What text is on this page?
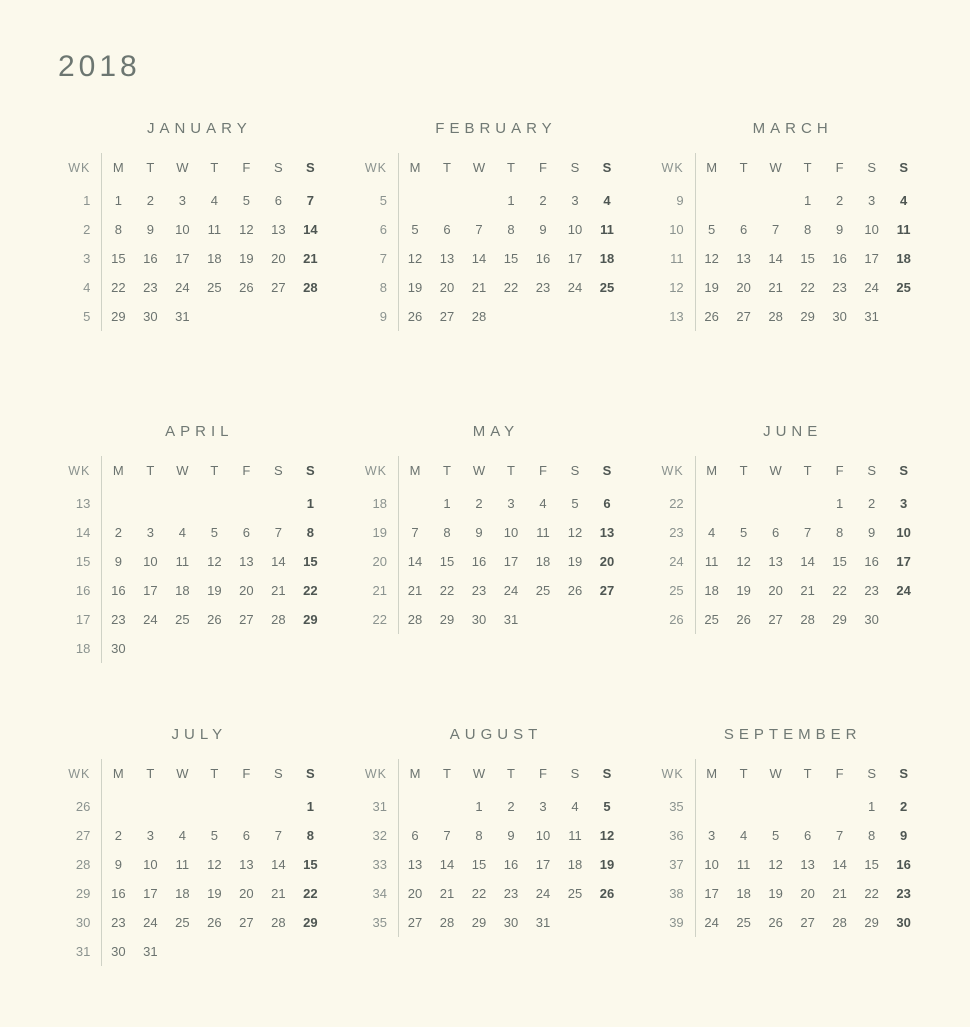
2018
JANUARY
WK	M	T	W	T	F	S	S
1	1	2	3	4	5	6	7
2	8	9	10	11	12	13	14
3	15	16	17	18	19	20	21
4	22	23	24	25	26	27	28
5	29	30	31				
FEBRUARY
WK	M	T	W	T	F	S	S
5				1	2	3	4
6	5	6	7	8	9	10	11
7	12	13	14	15	16	17	18
8	19	20	21	22	23	24	25
9	26	27	28				
MARCH
WK	M	T	W	T	F	S	S
9				1	2	3	4
10	5	6	7	8	9	10	11
11	12	13	14	15	16	17	18
12	19	20	21	22	23	24	25
13	26	27	28	29	30	31	
APRIL
WK	M	T	W	T	F	S	S
13							1
14	2	3	4	5	6	7	8
15	9	10	11	12	13	14	15
16	16	17	18	19	20	21	22
17	23	24	25	26	27	28	29
18	30						
MAY
WK	M	T	W	T	F	S	S
18		1	2	3	4	5	6
19	7	8	9	10	11	12	13
20	14	15	16	17	18	19	20
21	21	22	23	24	25	26	27
22	28	29	30	31			
JUNE
WK	M	T	W	T	F	S	S
22					1	2	3
23	4	5	6	7	8	9	10
24	11	12	13	14	15	16	17
25	18	19	20	21	22	23	24
26	25	26	27	28	29	30	
JULY
WK	M	T	W	T	F	S	S
26							1
27	2	3	4	5	6	7	8
28	9	10	11	12	13	14	15
29	16	17	18	19	20	21	22
30	23	24	25	26	27	28	29
31	30	31					
AUGUST
WK	M	T	W	T	F	S	S
31			1	2	3	4	5
32	6	7	8	9	10	11	12
33	13	14	15	16	17	18	19
34	20	21	22	23	24	25	26
35	27	28	29	30	31		
SEPTEMBER
WK	M	T	W	T	F	S	S
35						1	2
36	3	4	5	6	7	8	9
37	10	11	12	13	14	15	16
38	17	18	19	20	21	22	23
39	24	25	26	27	28	29	30
